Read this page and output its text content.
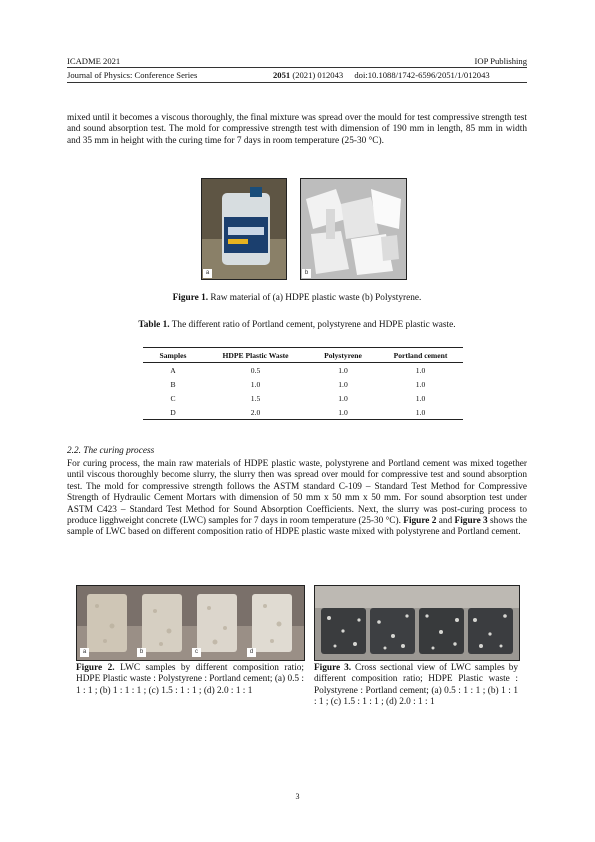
ICADME 2021	IOP Publishing
Journal of Physics: Conference Series	2051 (2021) 012043 doi:10.1088/1742-6596/2051/1/012043

mixed until it becomes a viscous thoroughly, the final mixture was spread over the mould for test compressive strength test and sound absorption test. The mold for compressive strength test with dimension of 190 mm in length, 85 mm in width and 35 mm in height with the curing time for 7 days in room temperature (25-30 °C).

a	b
Figure 1. Raw material of (a) HDPE plastic waste (b) Polystyrene.
Table 1. The different ratio of Portland cement, polystyrene and HDPE plastic waste.
Samples	HDPE Plastic Waste	Polystyrene	Portland cement
A	0.5	1.0	1.0
B	1.0	1.0	1.0
C	1.5	1.0	1.0
D	2.0	1.0	1.0
2.2. The curing process

For curing process, the main raw materials of HDPE plastic waste, polystyrene and Portland cement was mixed together until viscous thoroughly become slurry, the slurry then was spread over mould for compressive test and sound absorption test. The mold for compressive strength follows the ASTM standard C-109 – Standard Test Method for Compressive Strength of Hydraulic Cement Mortars with dimension of 50 mm x 50 mm x 50 mm. For sound absorption test under ASTM C423 – Standard Test Method for Sound Absorption Coefficients. Next, the slurry was post-curing process to produce ligghweight concrete (LWC) samples for 7 days in room temperature (25-30 °C). Figure 2 and Figure 3 shows the sample of LWC based on different composition ratio of HDPE plastic waste mixed with polystyrene and Portland cement.

a	b	c	d
Figure 2. LWC samples by different composition ratio; HDPE Plastic waste : Polystyrene : Portland cement; (a) 0.5 : 1 : 1 ; (b) 1 : 1 : 1 ; (c) 1.5 : 1 : 1 ; (d) 2.0 : 1 : 1
Figure 3. Cross sectional view of LWC samples by different composition ratio; HDPE Plastic waste : Polystyrene : Portland cement; (a) 0.5 : 1 : 1 ; (b) 1 : 1 : 1 ; (c) 1.5 : 1 : 1 ; (d) 2.0 : 1 : 1
3
